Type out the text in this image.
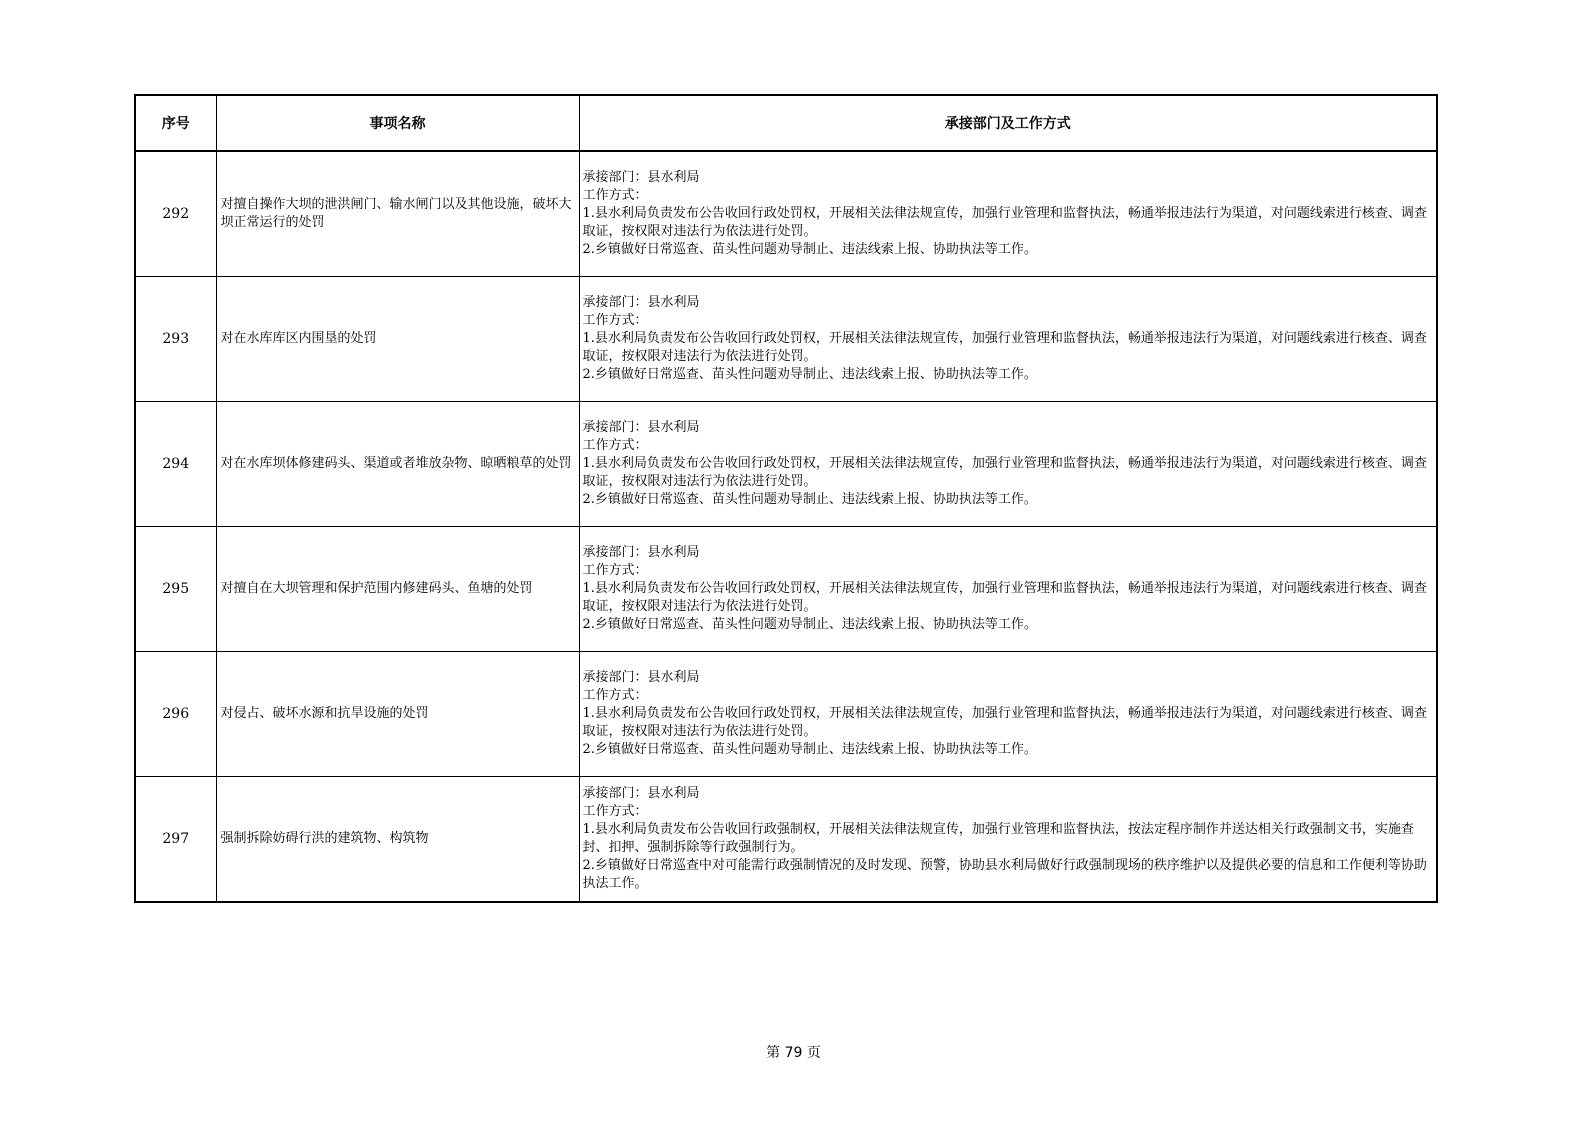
序号	事项名称	承接部门及工作方式
292	对擅自操作大坝的泄洪闸门、输水闸门以及其他设施，破坏大坝正常运行的处罚	承接部门：县水利局
工作方式：
1.县水利局负责发布公告收回行政处罚权，开展相关法律法规宣传，加强行业管理和监督执法，畅通举报违法行为渠道，对问题线索进行核查、调查取证，按权限对违法行为依法进行处罚。
2.乡镇做好日常巡查、苗头性问题劝导制止、违法线索上报、协助执法等工作。

293	对在水库库区内围垦的处罚	承接部门：县水利局
工作方式：
1.县水利局负责发布公告收回行政处罚权，开展相关法律法规宣传，加强行业管理和监督执法，畅通举报违法行为渠道，对问题线索进行核查、调查取证，按权限对违法行为依法进行处罚。
2.乡镇做好日常巡查、苗头性问题劝导制止、违法线索上报、协助执法等工作。

294	对在水库坝体修建码头、渠道或者堆放杂物、晾晒粮草的处罚	承接部门：县水利局
工作方式：
1.县水利局负责发布公告收回行政处罚权，开展相关法律法规宣传，加强行业管理和监督执法，畅通举报违法行为渠道，对问题线索进行核查、调查取证，按权限对违法行为依法进行处罚。
2.乡镇做好日常巡查、苗头性问题劝导制止、违法线索上报、协助执法等工作。

295	对擅自在大坝管理和保护范围内修建码头、鱼塘的处罚	承接部门：县水利局
工作方式：
1.县水利局负责发布公告收回行政处罚权，开展相关法律法规宣传，加强行业管理和监督执法，畅通举报违法行为渠道，对问题线索进行核查、调查取证，按权限对违法行为依法进行处罚。
2.乡镇做好日常巡查、苗头性问题劝导制止、违法线索上报、协助执法等工作。

296	对侵占、破坏水源和抗旱设施的处罚	承接部门：县水利局
工作方式：
1.县水利局负责发布公告收回行政处罚权，开展相关法律法规宣传，加强行业管理和监督执法，畅通举报违法行为渠道，对问题线索进行核查、调查取证，按权限对违法行为依法进行处罚。
2.乡镇做好日常巡查、苗头性问题劝导制止、违法线索上报、协助执法等工作。

297	强制拆除妨碍行洪的建筑物、构筑物	承接部门：县水利局
工作方式：
1.县水利局负责发布公告收回行政强制权，开展相关法律法规宣传，加强行业管理和监督执法，按法定程序制作并送达相关行政强制文书，实施查封、扣押、强制拆除等行政强制行为。
2.乡镇做好日常巡查中对可能需行政强制情况的及时发现、预警，协助县水利局做好行政强制现场的秩序维护以及提供必要的信息和工作便利等协助执法工作。
第 79 页
